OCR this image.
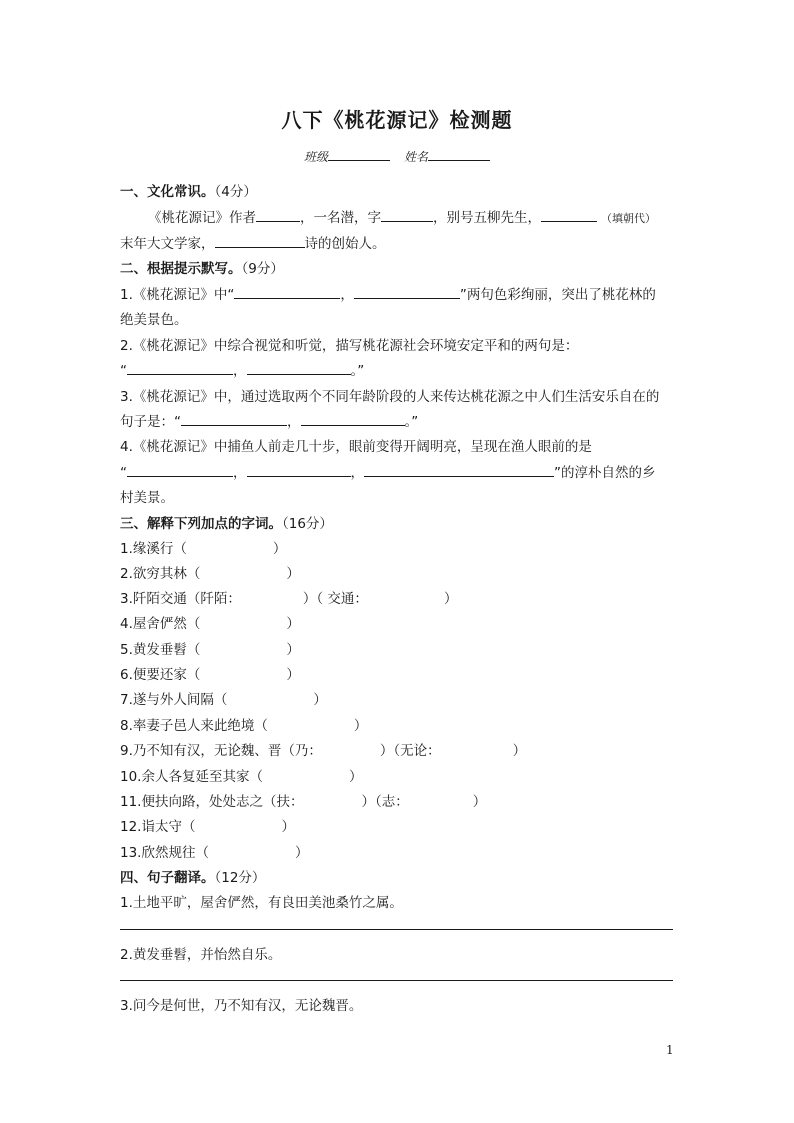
八下《桃花源记》检测题
班级	姓名
一、文化常识。（4分）
《桃花源记》作者	，一名潜，字	，别号五柳先生，	（填朝代）
末年大文学家，	诗的创始人。
二、根据提示默写。（9分）
1.《桃花源记》中“	，	”两句色彩绚丽，突出了桃花林的
绝美景色。
2.《桃花源记》中综合视觉和听觉，描写桃花源社会环境安定平和的两句是：
“	，	。”
3.《桃花源记》中，通过选取两个不同年龄阶段的人来传达桃花源之中人们生活安乐自在的
句子是：“	，	。”
4.《桃花源记》中捕鱼人前走几十步，眼前变得开阔明亮，呈现在渔人眼前的是
“	，	，	”的淳朴自然的乡
村美景。
三、解释下列加点的字词。（16分）
1.缘溪行（	）
2.欲穷其林（	）
3.阡陌交通（阡陌：	）（ 交通：	）
4.屋舍俨然（	）
5.黄发垂髫（	）
6.便要还家（	）
7.遂与外人间隔（	）
8.率妻子邑人来此绝境（	）
9.乃不知有汉，无论魏、晋（乃：	）（无论：	）
10.余人各复延至其家（	）
11.便扶向路，处处志之（扶：	）（志：	）
12.诣太守（	）
13.欣然规往（	）
四、句子翻译。（12分）
1.土地平旷，屋舍俨然，有良田美池桑竹之属。
2.黄发垂髫，并怡然自乐。
3.问今是何世，乃不知有汉，无论魏晋。
1
